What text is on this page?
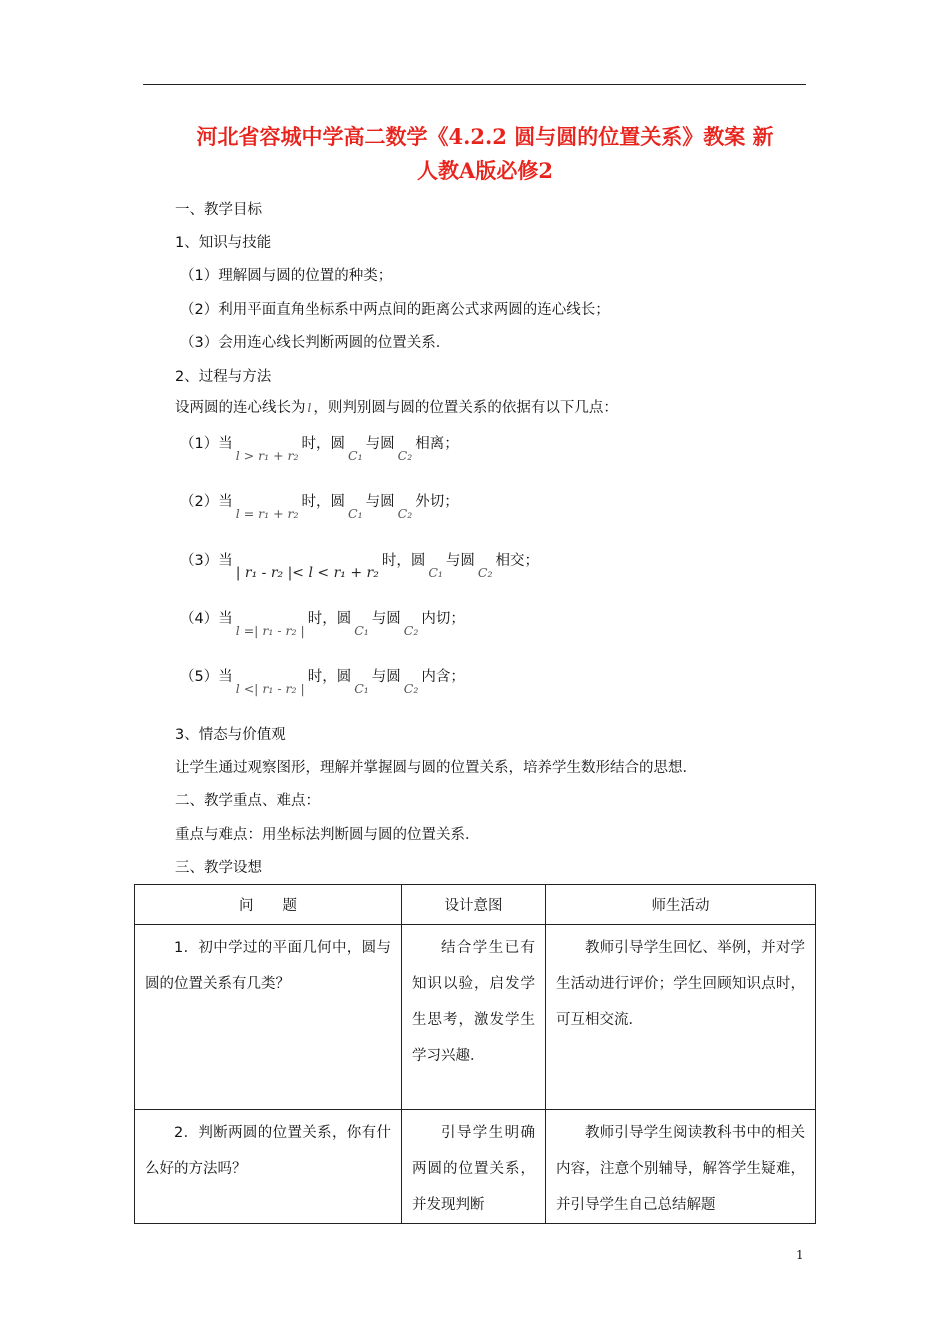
河北省容城中学高二数学《4.2.2 圆与圆的位置关系》教案 新
人教A版必修2
一、教学目标
1、知识与技能
（1）理解圆与圆的位置的种类；
（2）利用平面直角坐标系中两点间的距离公式求两圆的连心线长；
（3）会用连心线长判断两圆的位置关系．
2、过程与方法
设两圆的连心线长为 l ，则判别圆与圆的位置关系的依据有以下几点：
（1）当l > r₁ + r₂时，圆C₁与圆C₂相离；
（2）当l = r₁ + r₂时，圆C₁与圆C₂外切；
（3）当| r₁ - r₂ |< l < r₁ + r₂时，圆C₁与圆C₂相交；
（4）当l =| r₁ - r₂ |时，圆C₁与圆C₂内切；
（5）当l <| r₁ - r₂ |时，圆C₁与圆C₂内含；
3、情态与价值观
让学生通过观察图形，理解并掌握圆与圆的位置关系，培养学生数形结合的思想．
二、教学重点、难点：
重点与难点：用坐标法判断圆与圆的位置关系．
三、教学设想
问　　题	设计意图	师生活动

1．初中学过的平面几何中，圆与圆的位置关系有几类？	结合学生已有知识以验，启发学生思考，激发学生学习兴趣．	教师引导学生回忆、举例，并对学生活动进行评价；学生回顾知识点时，可互相交流．

2．判断两圆的位置关系，你有什么好的方法吗？	引导学生明确两圆的位置关系，并发现判断	教师引导学生阅读教科书中的相关内容，注意个别辅导，解答学生疑难，并引导学生自己总结解题
1
